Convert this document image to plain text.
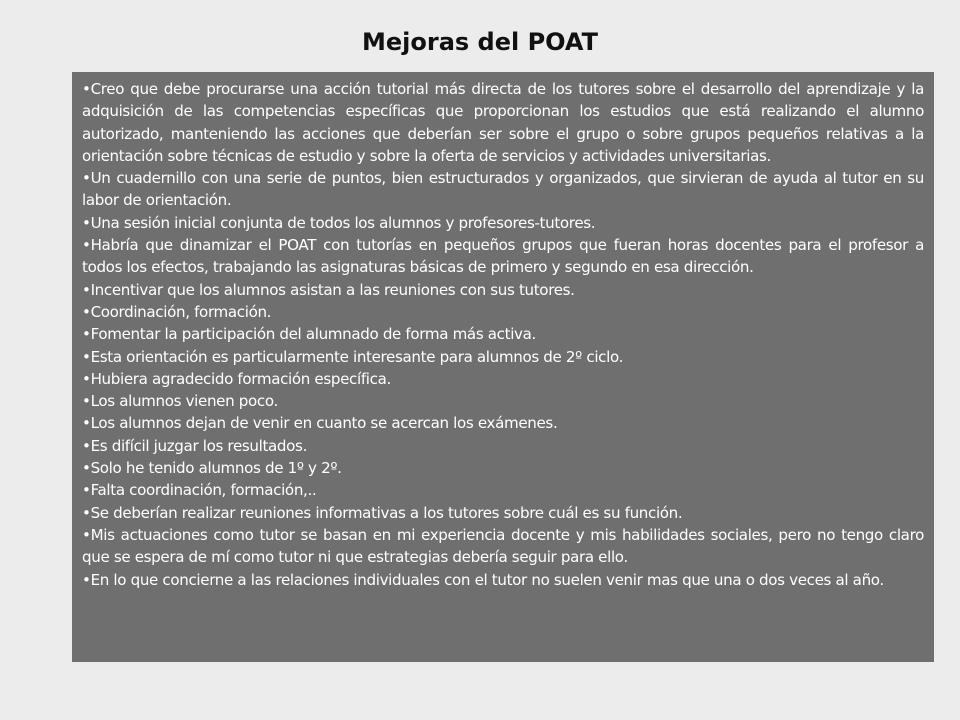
Mejoras del POAT
•Creo que debe procurarse una acción tutorial más directa de los tutores sobre el desarrollo del aprendizaje y la adquisición de las competencias específicas que proporcionan los estudios que está realizando el alumno autorizado, manteniendo las acciones que deberían ser sobre el grupo o sobre grupos pequeños relativas a la orientación sobre técnicas de estudio y sobre la oferta de servicios y actividades universitarias.
•Un cuadernillo con una serie de puntos, bien estructurados y organizados, que sirvieran de ayuda al tutor en su labor de orientación.
•Una sesión inicial conjunta de todos los alumnos y profesores-tutores.
•Habría que dinamizar el POAT con tutorías en pequeños grupos que fueran horas docentes para el profesor a todos los efectos, trabajando las asignaturas básicas de primero y segundo en esa dirección.
•Incentivar que los alumnos asistan a las reuniones con sus tutores.
•Coordinación, formación.
•Fomentar la participación del alumnado de forma más activa.
•Esta orientación es particularmente interesante para alumnos de 2º ciclo.
•Hubiera agradecido formación específica.
•Los alumnos vienen poco.
•Los alumnos dejan de venir en cuanto se acercan los exámenes.
•Es difícil juzgar los resultados.
•Solo he tenido alumnos de 1º y 2º.
•Falta coordinación, formación,..
•Se deberían realizar reuniones informativas a los tutores sobre cuál es su función.
•Mis actuaciones como tutor se basan en mi experiencia docente y mis habilidades sociales, pero no tengo claro que se espera de mí como tutor ni que estrategias debería seguir para ello.
•En lo que concierne a las relaciones individuales con el tutor no suelen venir mas que una o dos veces al año.
